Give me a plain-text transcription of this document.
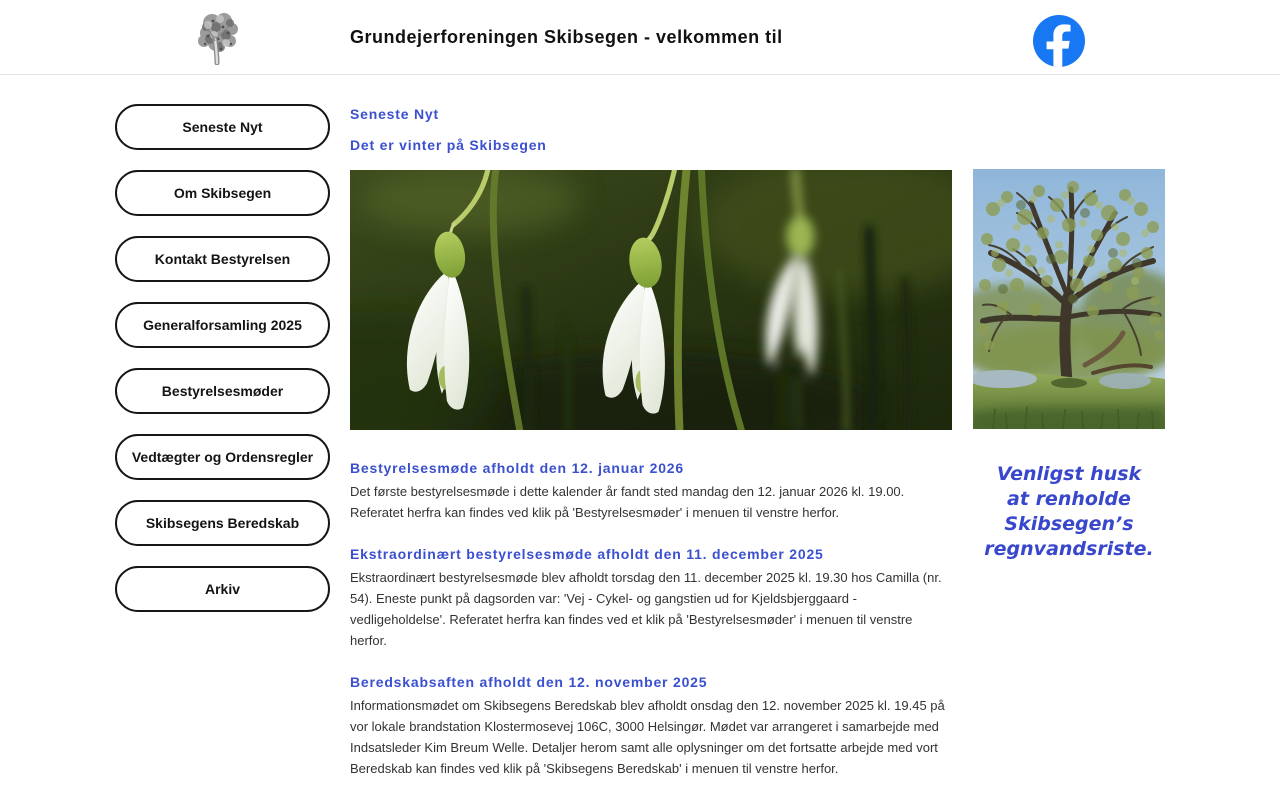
Grundejerforeningen Skibsegen - velkommen til
Seneste Nyt
Om Skibsegen
Kontakt Bestyrelsen
Generalforsamling 2025
Bestyrelsesmøder
Vedtægter og Ordensregler
Skibsegens Beredskab
Arkiv
Seneste Nyt
Det er vinter på Skibsegen
Bestyrelsesmøde afholdt den 12. januar 2026

Det første bestyrelsesmøde i dette kalender år fandt sted mandag den 12. januar 2026 kl. 19.00. Referatet herfra kan findes ved klik på 'Bestyrelsesmøder' i menuen til venstre herfor.

Ekstraordinært bestyrelsesmøde afholdt den 11. december 2025

Ekstraordinært bestyrelsesmøde blev afholdt torsdag den 11. december 2025 kl. 19.30 hos Camilla (nr. 54). Eneste punkt på dagsorden var: 'Vej - Cykel- og gangstien ud for Kjeldsbjerggaard - vedligeholdelse'. Referatet herfra kan findes ved et klik på 'Bestyrelsesmøder' i menuen til venstre herfor.

Beredskabsaften afholdt den 12. november 2025

Informationsmødet om Skibsegens Beredskab blev afholdt onsdag den 12. november 2025 kl. 19.45 på vor lokale brandstation Klostermosevej 106C, 3000 Helsingør. Mødet var arrangeret i samarbejde med Indsatsleder Kim Breum Welle. Detaljer herom samt alle oplysninger om det fortsatte arbejde med vort Beredskab kan findes ved klik på 'Skibsegens Beredskab' i menuen til venstre herfor.

Venligst husk
at renholde
Skibsegen’s
regnvandsriste.
